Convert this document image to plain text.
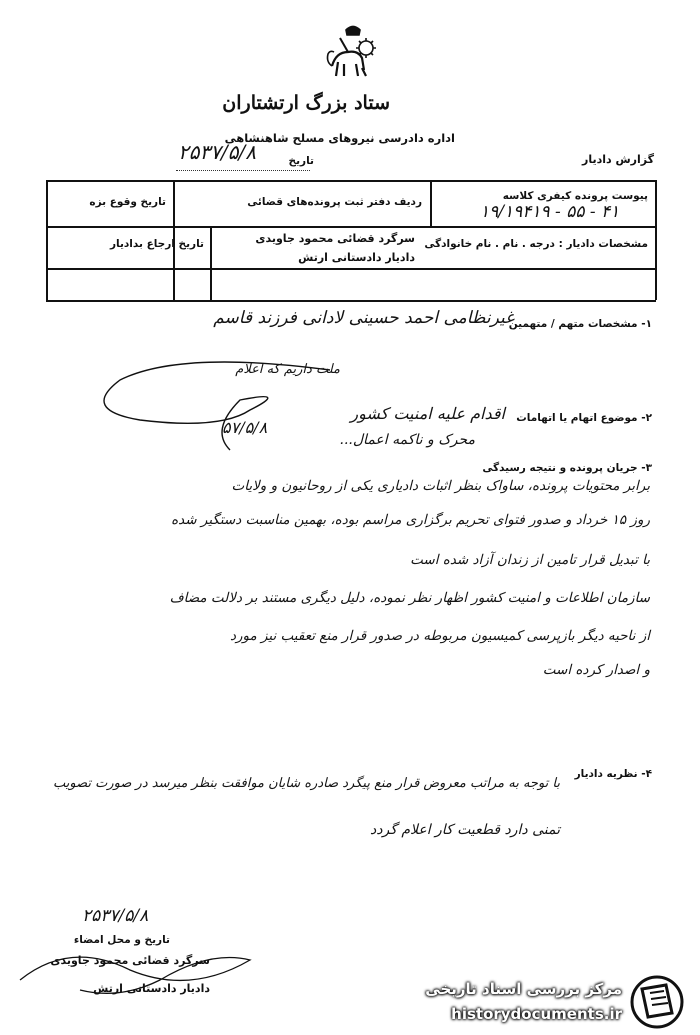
ستاد بزرگ ارتشتاران
اداره دادرسی نیروهای مسلح شاهنشاهی
گزارش دادیار
تاریخ
۲۵۳۷/۵/۸
پیوست پرونده کیفری کلاسه
۱۹/۱۹۴۱۹ - ۵۵ - ۴۱
ردیف دفتر ثبت پرونده‌های قضائی
تاریخ وقوع بزه
مشخصات دادیار : درجه . نام . نام خانوادگی
سرگرد قضائی محمود جاویدی
دادیار دادستانی ارتش
تاریخ ارجاع بدادیار
۱- مشخصات متهم / متهمین
غیرنظامی احمد حسینی لادانی فرزند قاسم
ملت داریم که اعلام
۵۷/۵/۸	۲- موضوع اتهام یا اتهامات
اقدام علیه امنیت کشور
محرک و ناکمه اعمال...
۳- جریان پرونده و نتیجه رسیدگی
برابر محتویات پرونده، ساواک بنظر اثبات دادیاری یکی از روحانیون و ولایات
روز ۱۵ خرداد و صدور فتوای تحریم برگزاری مراسم بوده، بهمین مناسبت دستگیر شده
با تبدیل قرار تامین از زندان آزاد شده است
سازمان اطلاعات و امنیت کشور اظهار نظر نموده، دلیل دیگری مستند بر دلالت مضاف
از ناحیه دیگر بازپرسی کمیسیون مربوطه در صدور قرار منع تعقیب نیز مورد
و اصدار کرده است
۴- نظریه دادیار
با توجه به مراتب معروض قرار منع پیگرد صادره شایان موافقت بنظر میرسد در صورت تصویب
تمنی دارد قطعیت کار اعلام گردد
۲۵۳۷/۵/۸
تاریخ و محل امضاء
سرگرد قضائی محمود جاویدی
دادیار دادستانی ارتش	مرکز بررسی اسناد تاریخی
historydocuments.ir
